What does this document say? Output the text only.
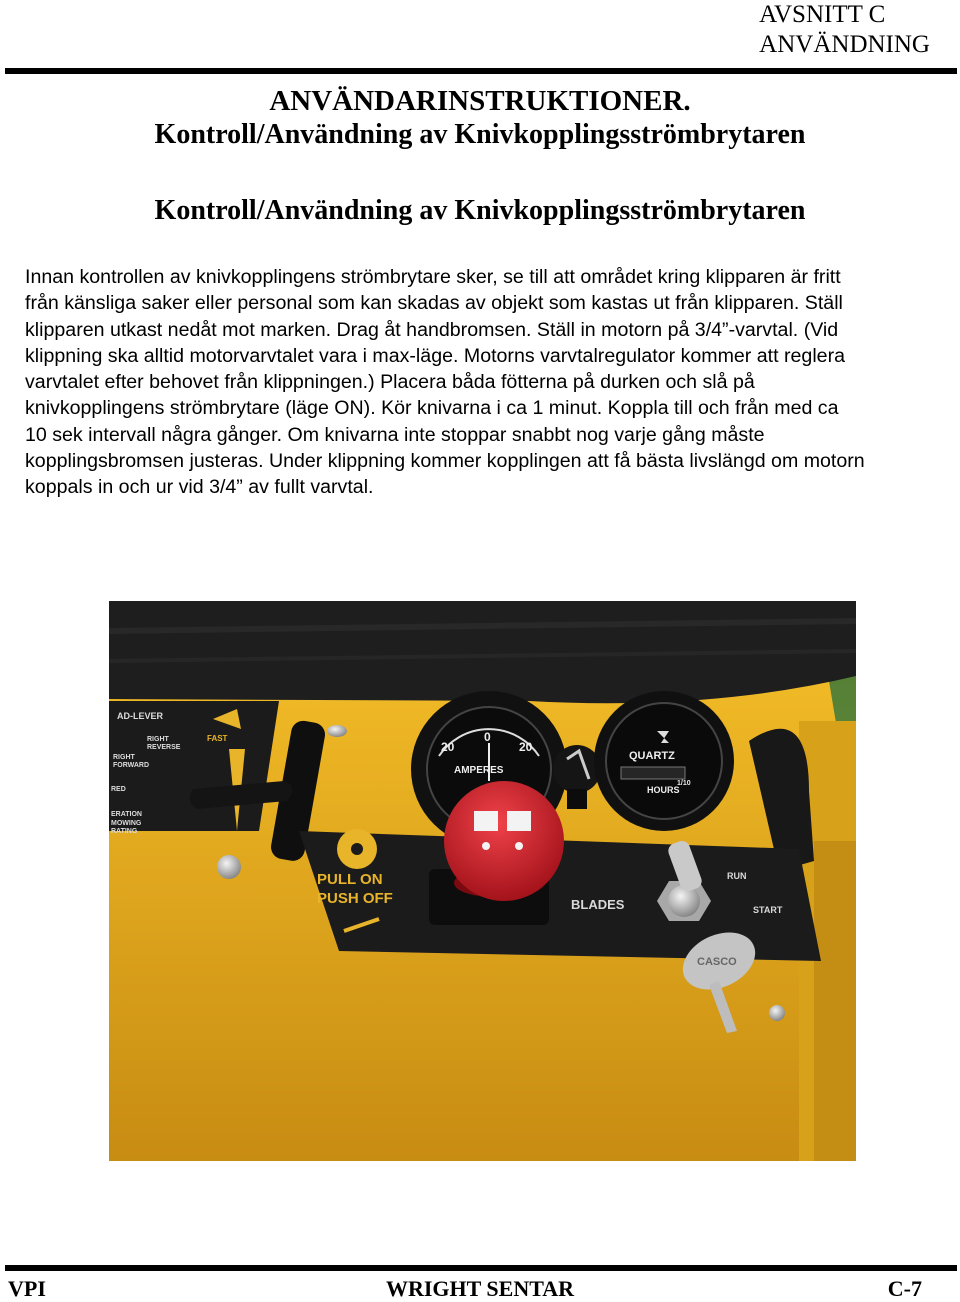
AVSNITT C
ANVÄNDNING
ANVÄNDARINSTRUKTIONER.
Kontroll/Användning av Knivkopplingsströmbrytaren
Kontroll/Användning av Knivkopplingsströmbrytaren
Innan kontrollen av knivkopplingens strömbrytare sker, se till att området kring klipparen är fritt
från känsliga saker eller personal som kan skadas av objekt som kastas ut från klipparen. Ställ
klipparen utkast nedåt mot marken. Drag åt handbromsen. Ställ in motorn på 3/4”-varvtal. (Vid
klippning ska alltid motorvarvtalet vara i max-läge. Motorns varvtalregulator kommer att reglera
varvtalet efter behovet från klippningen.) Placera båda fötterna på durken och slå på
knivkopplingens strömbrytare (läge ON). Kör knivarna i ca 1 minut. Koppla till och från med ca
10 sek intervall några gånger. Om knivarna inte stoppar snabbt nog varje gång måste
kopplingsbromsen justeras. Under klippning kommer kopplingen att få bästa livslängd om motorn
koppals in och ur vid 3/4” av fullt varvtal.
AD-LEVER
RIGHT
REVERSE
RIGHT
FORWARD
RED
ERATION
MOWING
RATING
FAST
20
0
20
AMPERES
QUARTZ
HOURS
1/10
PULL ON
PUSH OFF	BLADES
RUN
START
CASCO
VPI	WRIGHT SENTAR	C-7
